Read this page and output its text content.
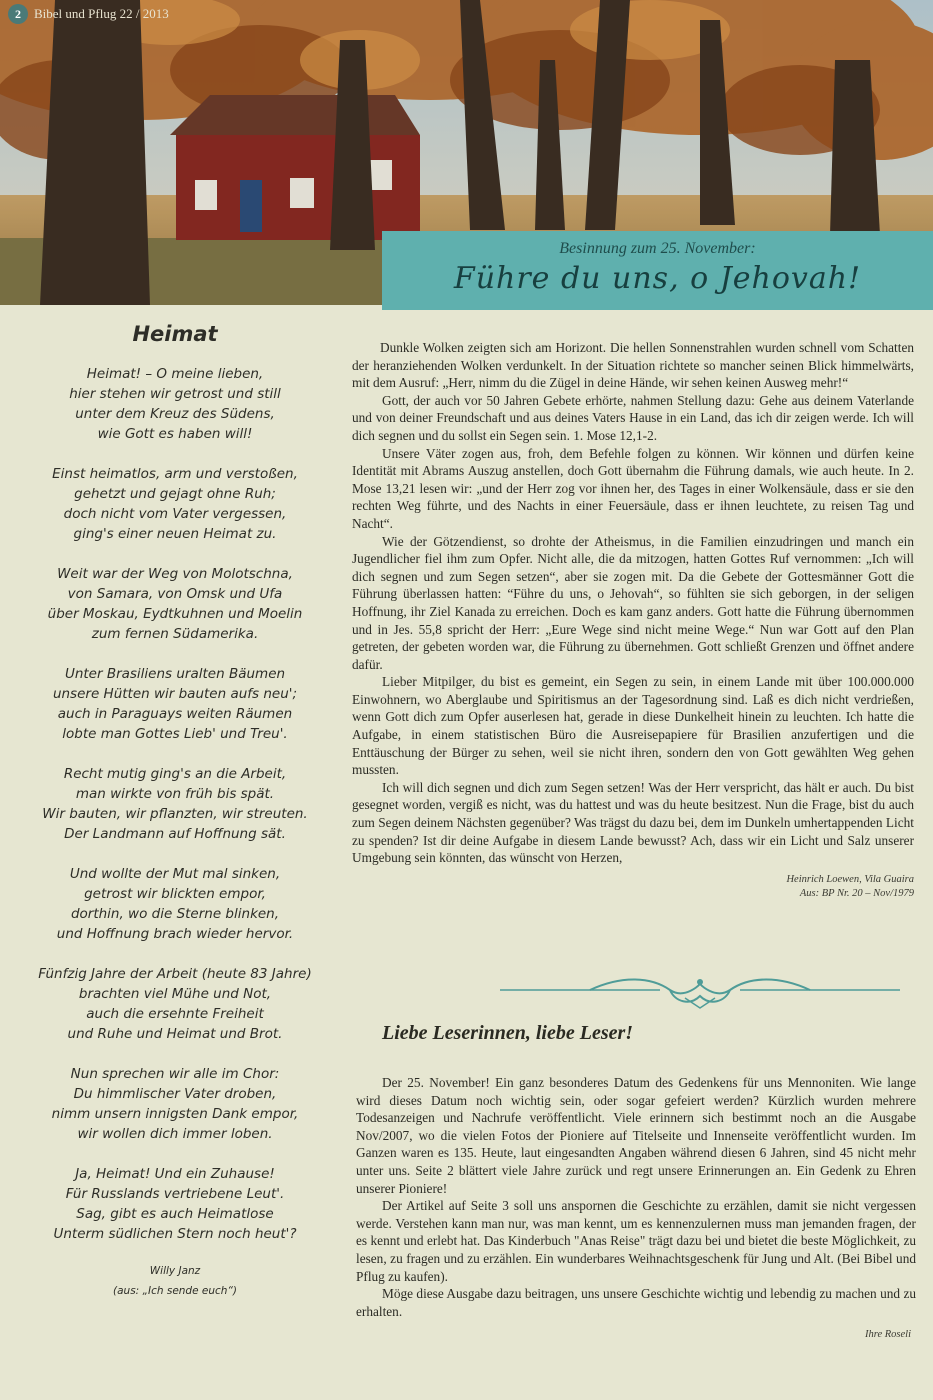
2	Bibel und Pflug 22 / 2013
Besinnung zum 25. November:
Führe du uns, o Jehovah!
Heimat
Heimat! – O meine lieben,
hier stehen wir getrost und still
unter dem Kreuz des Südens,
wie Gott es haben will!
Einst heimatlos, arm und verstoßen,
gehetzt und gejagt ohne Ruh;
doch nicht vom Vater vergessen,
ging's einer neuen Heimat zu.
Weit war der Weg von Molotschna,
von Samara, von Omsk und Ufa
über Moskau, Eydtkuhnen und Moelin
zum fernen Südamerika.
Unter Brasiliens uralten Bäumen
unsere Hütten wir bauten aufs neu';
auch in Paraguays weiten Räumen
lobte man Gottes Lieb' und Treu'.
Recht mutig ging's an die Arbeit,
man wirkte von früh bis spät.
Wir bauten, wir pflanzten, wir streuten.
Der Landmann auf Hoffnung sät.
Und wollte der Mut mal sinken,
getrost wir blickten empor,
dorthin, wo die Sterne blinken,
und Hoffnung brach wieder hervor.
Fünfzig Jahre der Arbeit (heute 83 Jahre)
brachten viel Mühe und Not,
auch die ersehnte Freiheit
und Ruhe und Heimat und Brot.
Nun sprechen wir alle im Chor:
Du himmlischer Vater droben,
nimm unsern innigsten Dank empor,
wir wollen dich immer loben.
Ja, Heimat! Und ein Zuhause!
Für Russlands vertriebene Leut'.
Sag, gibt es auch Heimatlose
Unterm südlichen Stern noch heut'?
Willy Janz
(aus: „Ich sende euch“)

Dunkle Wolken zeigten sich am Horizont. Die hellen Sonnenstrahlen wurden schnell vom Schatten der heranziehenden Wolken verdunkelt. In der Situation richtete so mancher seinen Blick himmelwärts, mit dem Ausruf: „Herr, nimm du die Zügel in deine Hände, wir sehen keinen Ausweg mehr!“

Gott, der auch vor 50 Jahren Gebete erhörte, nahmen Stellung dazu: Gehe aus deinem Vaterlande und von deiner Freundschaft und aus deines Vaters Hause in ein Land, das ich dir zeigen werde. Ich will dich segnen und du sollst ein Segen sein. 1. Mose 12,1-2.

Unsere Väter zogen aus, froh, dem Befehle folgen zu können. Wir können und dürfen keine Identität mit Abrams Auszug anstellen, doch Gott übernahm die Führung damals, wie auch heute. In 2. Mose 13,21 lesen wir: „und der Herr zog vor ihnen her, des Tages in einer Wolkensäule, dass er sie den rechten Weg führte, und des Nachts in einer Feuersäule, dass er ihnen leuchtete, zu reisen Tag und Nacht“.

Wie der Götzendienst, so drohte der Atheismus, in die Familien einzudringen und manch ein Jugendlicher fiel ihm zum Opfer. Nicht alle, die da mitzogen, hatten Gottes Ruf vernommen: „Ich will dich segnen und zum Segen setzen“, aber sie zogen mit. Da die Gebete der Gottesmänner Gott die Führung überlassen hatten: “Führe du uns, o Jehovah“, so fühlten sie sich geborgen, in der seligen Hoffnung, ihr Ziel Kanada zu erreichen. Doch es kam ganz anders. Gott hatte die Führung übernommen und in Jes. 55,8 spricht der Herr: „Eure Wege sind nicht meine Wege.“ Nun war Gott auf den Plan getreten, der gebeten worden war, die Führung zu übernehmen. Gott schließt Grenzen und öffnet andere dafür.

Lieber Mitpilger, du bist es gemeint, ein Segen zu sein, in einem Lande mit über 100.000.000 Einwohnern, wo Aberglaube und Spiritismus an der Tagesordnung sind. Laß es dich nicht verdrießen, wenn Gott dich zum Opfer auserlesen hat, gerade in diese Dunkelheit hinein zu leuchten. Ich hatte die Aufgabe, in einem statistischen Büro die Ausreisepapiere für Brasilien anzufertigen und die Enttäuschung der Bürger zu sehen, weil sie nicht ihren, sondern den von Gott gewählten Weg gehen mussten.

Ich will dich segnen und dich zum Segen setzen! Was der Herr verspricht, das hält er auch. Du bist gesegnet worden, vergiß es nicht, was du hattest und was du heute besitzest. Nun die Frage, bist du auch zum Segen deinem Nächsten gegenüber? Was trägst du dazu bei, dem im Dunkeln umhertappenden Licht zu spenden? Ist dir deine Aufgabe in diesem Lande bewusst? Ach, dass wir ein Licht und Salz unserer Umgebung sein könnten, das wünscht von Herzen,

Heinrich Loewen, Vila Guaira
Aus: BP Nr. 20 – Nov/1979
Liebe Leserinnen, liebe Leser!

Der 25. November! Ein ganz besonderes Datum des Gedenkens für uns Mennoniten. Wie lange wird dieses Datum noch wichtig sein, oder sogar gefeiert werden? Kürzlich wurden mehrere Todesanzeigen und Nachrufe veröffentlicht. Viele erinnern sich bestimmt noch an die Ausgabe Nov/2007, wo die vielen Fotos der Pioniere auf Titelseite und Innenseite veröffentlicht wurden. Im Ganzen waren es 135. Heute, laut eingesandten Angaben während diesen 6 Jahren, sind 45 nicht mehr unter uns. Seite 2 blättert viele Jahre zurück und regt unsere Erinnerungen an. Ein Gedenk zu Ehren unserer Pioniere!

Der Artikel auf Seite 3 soll uns anspornen die Geschichte zu erzählen, damit sie nicht vergessen werde. Verstehen kann man nur, was man kennt, um es kennenzulernen muss man jemanden fragen, der es kennt und erlebt hat. Das Kinderbuch "Anas Reise" trägt dazu bei und bietet die beste Möglichkeit, zu lesen, zu fragen und zu erzählen. Ein wunderbares Weihnachtsgeschenk für Jung und Alt. (Bei Bibel und Pflug zu kaufen).

Möge diese Ausgabe dazu beitragen, uns unsere Geschichte wichtig und lebendig zu machen und zu erhalten.

Ihre Roseli
